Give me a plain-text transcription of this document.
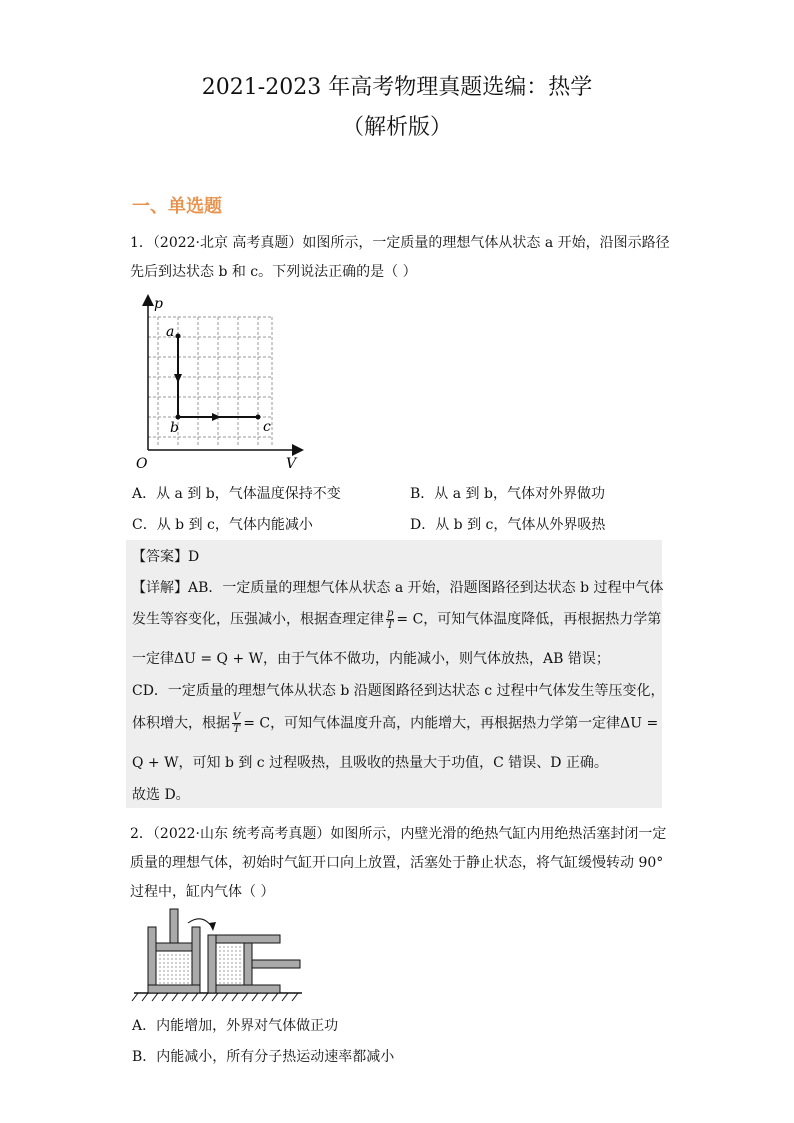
2021-2023 年高考物理真题选编：热学
（解析版）
一、单选题
1．（2022·北京 高考真题）如图所示，一定质量的理想气体从状态 a 开始，沿图示路径
先后到达状态 b 和 c。下列说法正确的是（ ）
p
V
O
a
b	c
A．从 a 到 b，气体温度保持不变	B．从 a 到 b，气体对外界做功
C．从 b 到 c，气体内能减小	D．从 b 到 c，气体从外界吸热
【答案】D
【详解】AB．一定质量的理想气体从状态 a 开始，沿题图路径到达状态 b 过程中气体
发生等容变化，压强减小，根据查理定律 $\frac{p}{T} = C$，可知气体温度降低，再根据热力学第
一定律ΔU = Q + W，由于气体不做功，内能减小，则气体放热，AB 错误；
CD．一定质量的理想气体从状态 b 沿题图路径到达状态 c 过程中气体发生等压变化，
体积增大，根据 $\frac{V}{T} = C$，可知气体温度升高，内能增大，再根据热力学第一定律ΔU =
Q + W，可知 b 到 c 过程吸热，且吸收的热量大于功值，C 错误、D 正确。
故选 D。
2．（2022·山东 统考高考真题）如图所示，内壁光滑的绝热气缸内用绝热活塞封闭一定
质量的理想气体，初始时气缸开口向上放置，活塞处于静止状态，将气缸缓慢转动 90°
过程中，缸内气体（ ）
A．内能增加，外界对气体做正功
B．内能减小，所有分子热运动速率都减小
